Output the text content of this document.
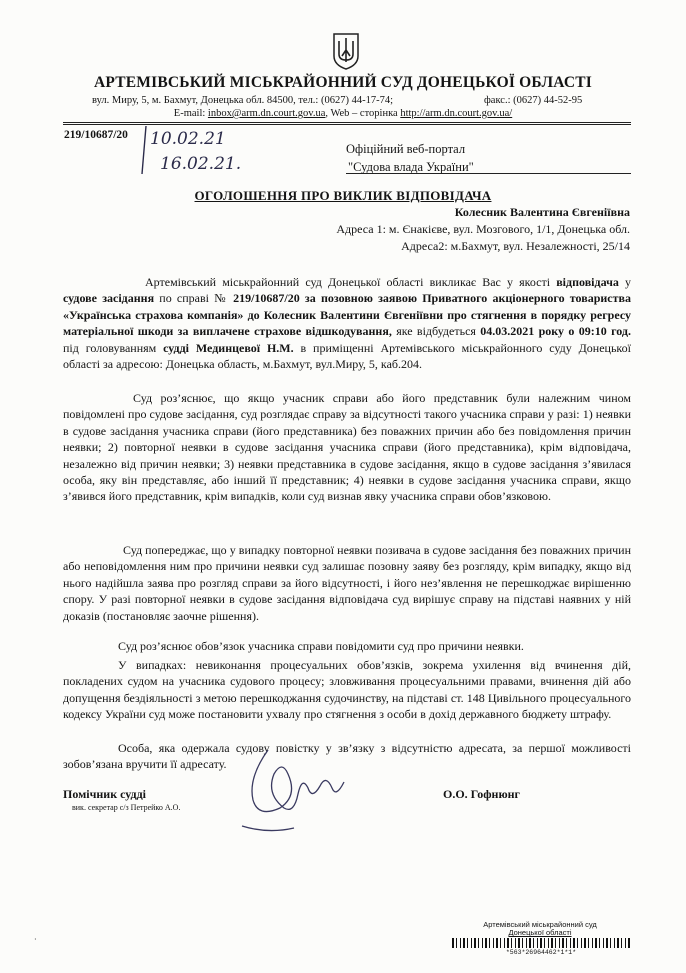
АРТЕМІВСЬКИЙ МІСЬКРАЙОННИЙ СУД ДОНЕЦЬКОЇ ОБЛАСТІ
вул. Миру, 5, м. Бахмут, Донецька обл. 84500, тел.: (0627) 44-17-74;	факс.: (0627) 44-52-95
E-mail: inbox@arm.dn.court.gov.ua, Web – сторінка http://arm.dn.court.gov.ua/
219/10687/20 10.02.21
16.02.21.
Офіційний веб-портал
"Судова влада України"
ОГОЛОШЕННЯ ПРО ВИКЛИК ВІДПОВІДАЧА
Колесник Валентина Євгеніївна
Адреса 1: м. Єнакієве, вул. Мозгового, 1/1, Донецька обл.
Адреса2: м.Бахмут, вул. Незалежності, 25/14

Артемівський міськрайонний суд Донецької області викликає Вас у якості відповідача у судове засідання по справі № 219/10687/20 за позовною заявою Приватного акціонерного товариства «Українська страхова компанія» до Колесник Валентини Євгеніївни про стягнення в порядку регресу матеріальної шкоди за виплачене страхове відшкодування, яке відбудеться 04.03.2021 року о 09:10 год. під головуванням судді Мединцевої Н.М. в приміщенні Артемівського міськрайонного суду Донецької області за адресою: Донецька область, м.Бахмут, вул.Миру, 5, каб.204.

Суд роз’яснює, що якщо учасник справи або його представник були належним чином повідомлені про судове засідання, суд розглядає справу за відсутності такого учасника справи у разі: 1) неявки в судове засідання учасника справи (його представника) без поважних причин або без повідомлення причин неявки; 2) повторної неявки в судове засідання учасника справи (його представника), крім відповідача, незалежно від причин неявки; 3) неявки представника в судове засідання, якщо в судове засідання з’явилася особа, яку він представляє, або інший її представник; 4) неявки в судове засідання учасника справи, якщо з’явився його представник, крім випадків, коли суд визнав явку учасника справи обов’язковою.

Суд попереджає, що у випадку повторної неявки позивача в судове засідання без поважних причин або неповідомлення ним про причини неявки суд залишає позовну заяву без розгляду, крім випадку, якщо від нього надійшла заява про розгляд справи за його відсутності, і його нез’явлення не перешкоджає вирішенню спору. У разі повторної неявки в судове засідання відповідача суд вирішує справу на підставі наявних у ній доказів (постановляє заочне рішення).

Суд роз’яснює обов’язок учасника справи повідомити суд про причини неявки.

У випадках: невиконання процесуальних обов’язків, зокрема ухилення від вчинення дій, покладених судом на учасника судового процесу; зловживання процесуальними правами, вчинення дій або допущення бездіяльності з метою перешкоджання судочинству, на підставі ст. 148 Цивільного процесуального кодексу України суд може постановити ухвалу про стягнення з особи в дохід державного бюджету штрафу.

Особа, яка одержала судову повістку у зв’язку з відсутністю адресата, за першої можливості зобов’язана вручити її адресату.

Помічник судді
вик. секретар с/з Петрейко А.О.
О.О. Гофнюнг
·
Артемівський міськрайонний суд
Донецької області
*563*26964462*1*1*
